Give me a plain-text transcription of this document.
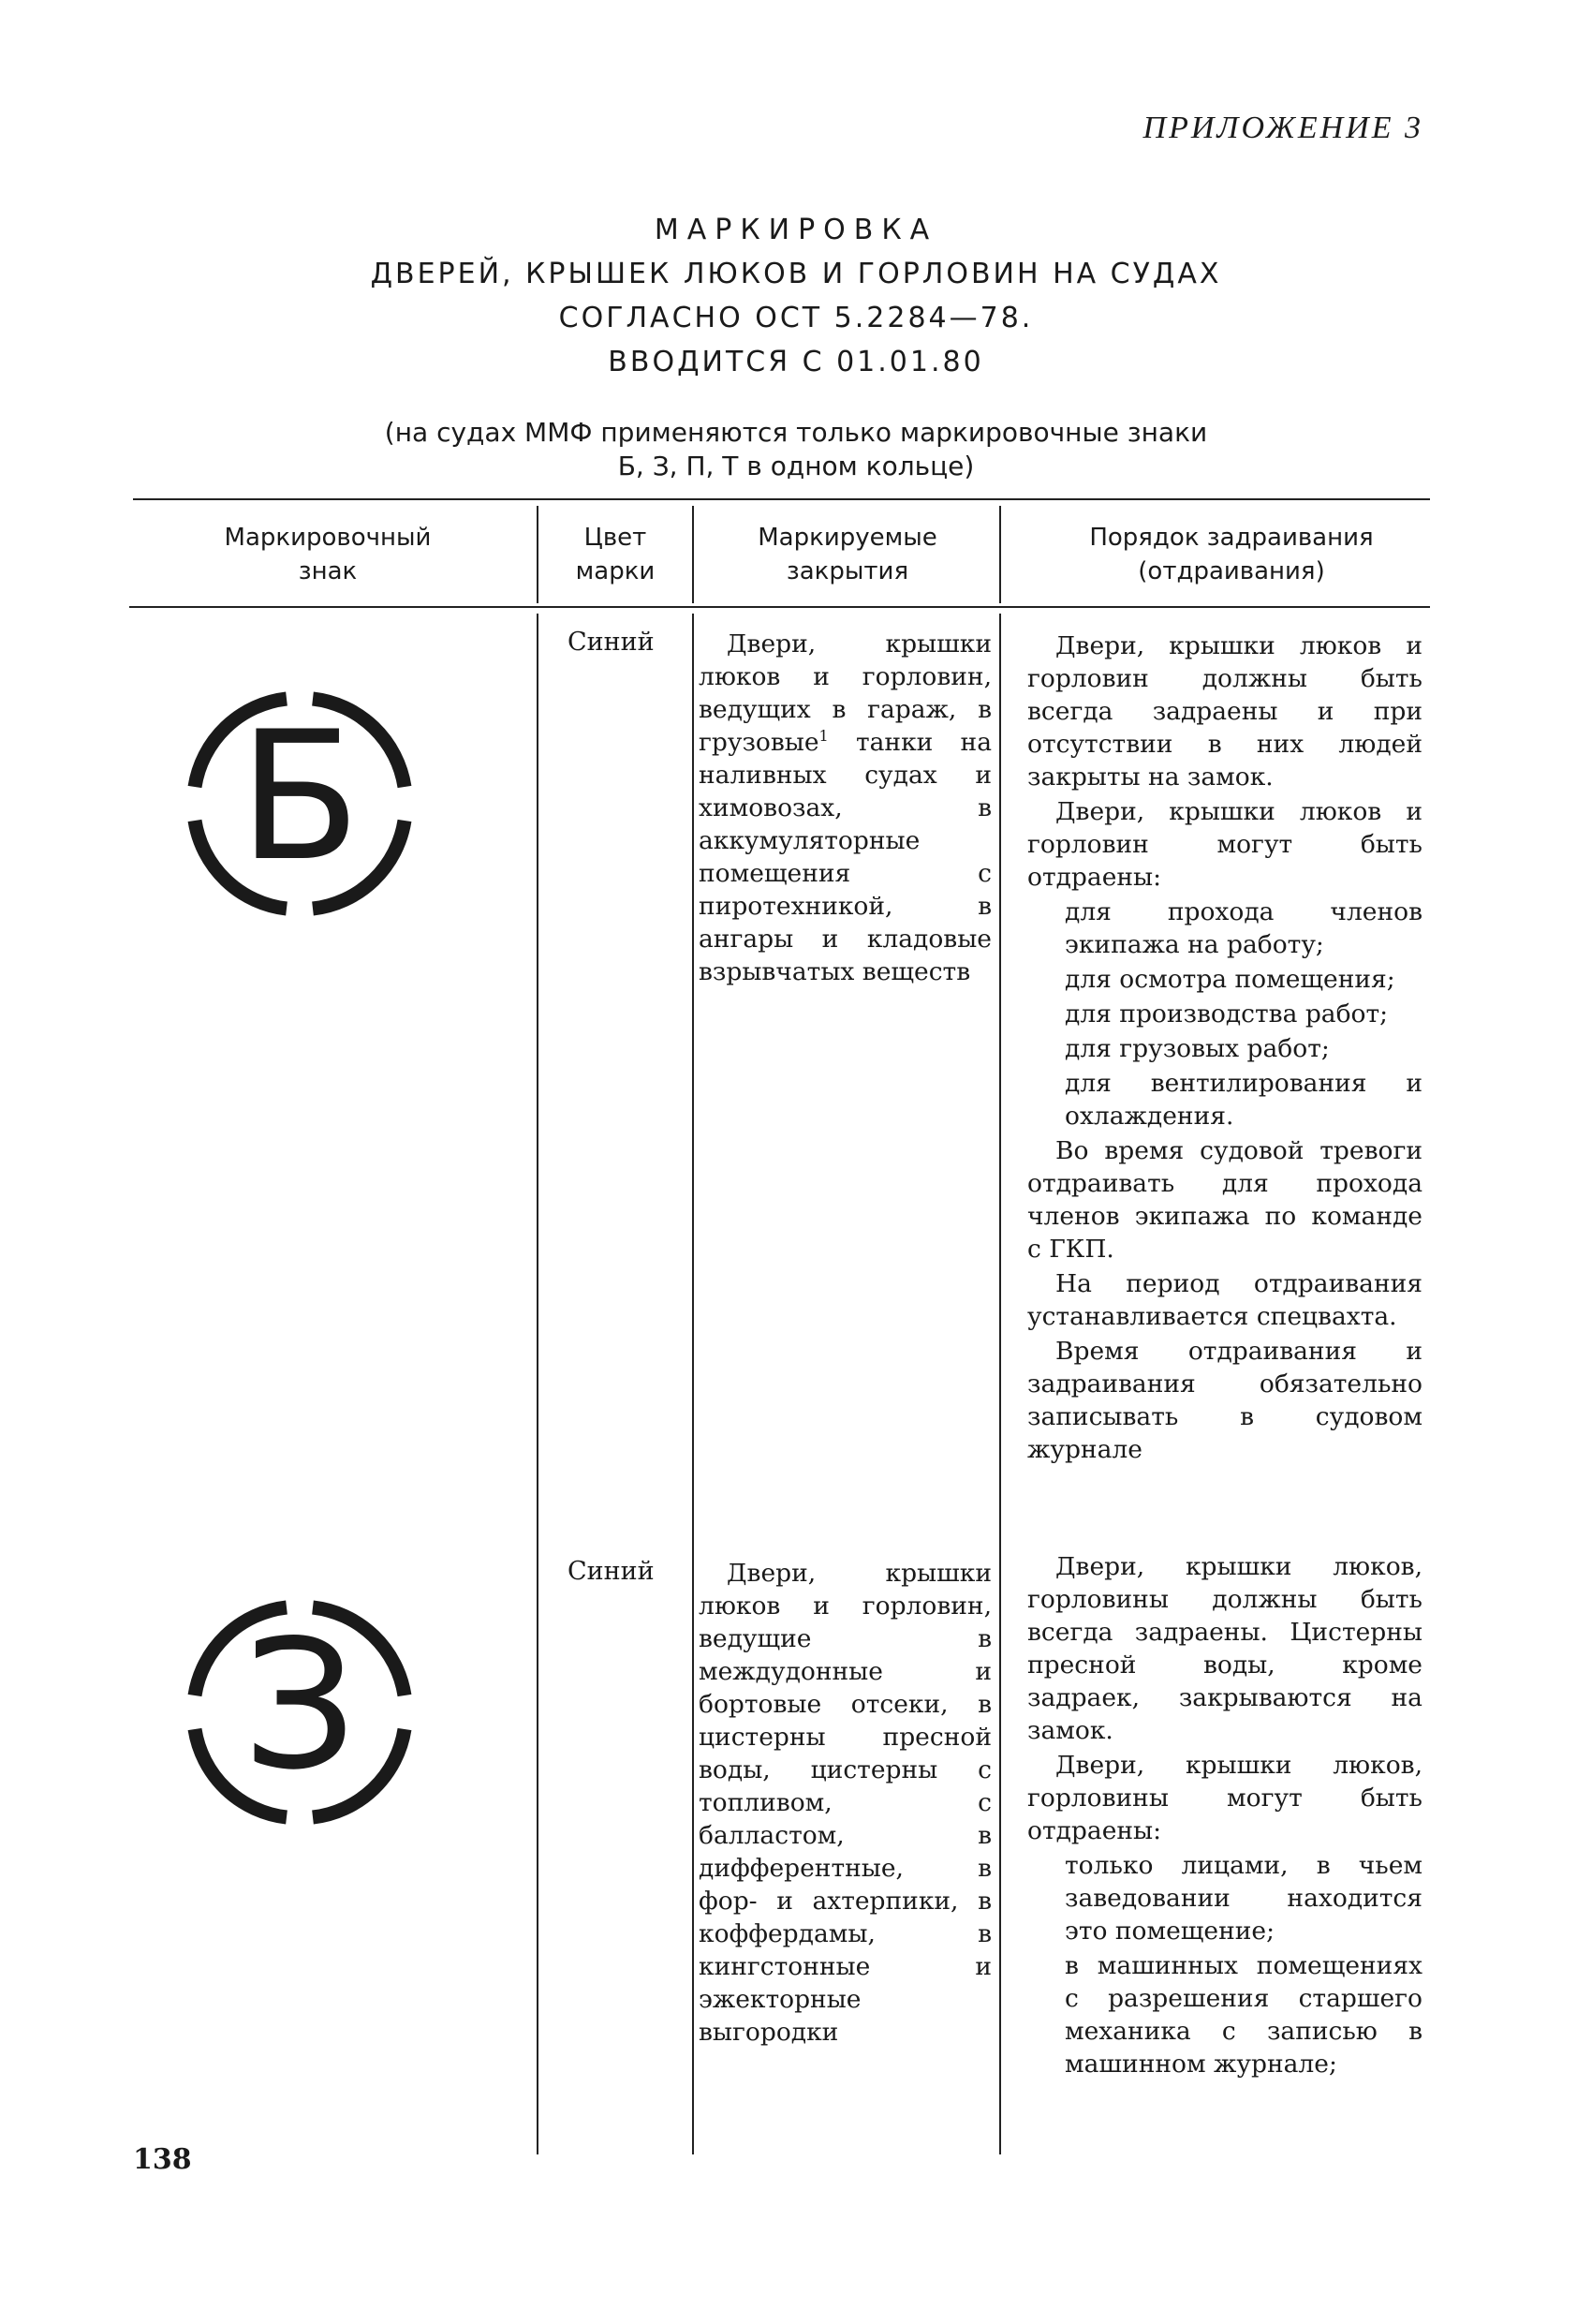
ПРИЛОЖЕНИЕ 3
МАРКИРОВКА
ДВЕРЕЙ, КРЫШЕК ЛЮКОВ И ГОРЛОВИН НА СУДАХ
СОГЛАСНО ОСТ 5.2284—78.
ВВОДИТСЯ С 01.01.80
(на судах ММФ применяются только маркировочные знаки
Б, З, П, Т в одном кольце)
Маркировочный знак
Цвет марки
Маркируемые закрытия
Порядок задраивания (отдраивания)
Б
Синий	Двери, крышки люков и горловин, ведущих в гараж, в грузовые$^1$ танки на наливных судах и химовозах, в аккумуляторные помещения с пиротехникой, в ангары и кладовые взрывчатых веществ

Двери, крышки люков и горловин должны быть всегда задраены и при отсутствии в них людей закрыты на замок.

Двери, крышки люков и горловин могут быть отдраены:

для прохода членов экипажа на работу;

для осмотра помещения;

для производства работ;

для грузовых работ;

для вентилирования и охлаждения.

Во время судовой тревоги отдраивать для прохода членов экипажа по команде с ГКП.

На период отдраивания устанавливается спецвахта.

Время отдраивания и задраивания обязательно записывать в судовом журнале

З
Синий	Двери, крышки люков и горловин, ведущие в междудонные и бортовые отсеки, в цистерны пресной воды, цистерны с топливом, с балластом, в дифферентные, в фор- и ахтерпики, в коффердамы, в кингстонные и эжекторные выгородки

Двери, крышки люков, горловины должны быть всегда задраены. Цистерны пресной воды, кроме задраек, закрываются на замок.

Двери, крышки люков, горловины могут быть отдраены:

только лицами, в чьем заведовании находится это помещение;

в машинных помещениях с разрешения старшего механика с записью в машинном журнале;

138
